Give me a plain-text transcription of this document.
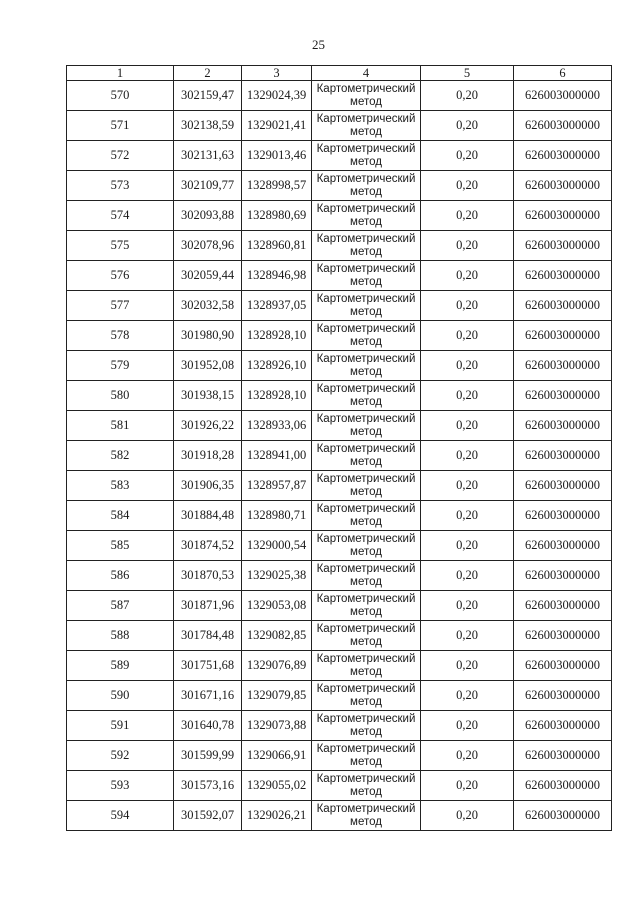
25
1	2	3	4	5	6
570	302159,47	1329024,39	Картометрический метод	0,20	626003000000
571	302138,59	1329021,41	Картометрический метод	0,20	626003000000
572	302131,63	1329013,46	Картометрический метод	0,20	626003000000
573	302109,77	1328998,57	Картометрический метод	0,20	626003000000
574	302093,88	1328980,69	Картометрический метод	0,20	626003000000
575	302078,96	1328960,81	Картометрический метод	0,20	626003000000
576	302059,44	1328946,98	Картометрический метод	0,20	626003000000
577	302032,58	1328937,05	Картометрический метод	0,20	626003000000
578	301980,90	1328928,10	Картометрический метод	0,20	626003000000
579	301952,08	1328926,10	Картометрический метод	0,20	626003000000
580	301938,15	1328928,10	Картометрический метод	0,20	626003000000
581	301926,22	1328933,06	Картометрический метод	0,20	626003000000
582	301918,28	1328941,00	Картометрический метод	0,20	626003000000
583	301906,35	1328957,87	Картометрический метод	0,20	626003000000
584	301884,48	1328980,71	Картометрический метод	0,20	626003000000
585	301874,52	1329000,54	Картометрический метод	0,20	626003000000
586	301870,53	1329025,38	Картометрический метод	0,20	626003000000
587	301871,96	1329053,08	Картометрический метод	0,20	626003000000
588	301784,48	1329082,85	Картометрический метод	0,20	626003000000
589	301751,68	1329076,89	Картометрический метод	0,20	626003000000
590	301671,16	1329079,85	Картометрический метод	0,20	626003000000
591	301640,78	1329073,88	Картометрический метод	0,20	626003000000
592	301599,99	1329066,91	Картометрический метод	0,20	626003000000
593	301573,16	1329055,02	Картометрический метод	0,20	626003000000
594	301592,07	1329026,21	Картометрический метод	0,20	626003000000
